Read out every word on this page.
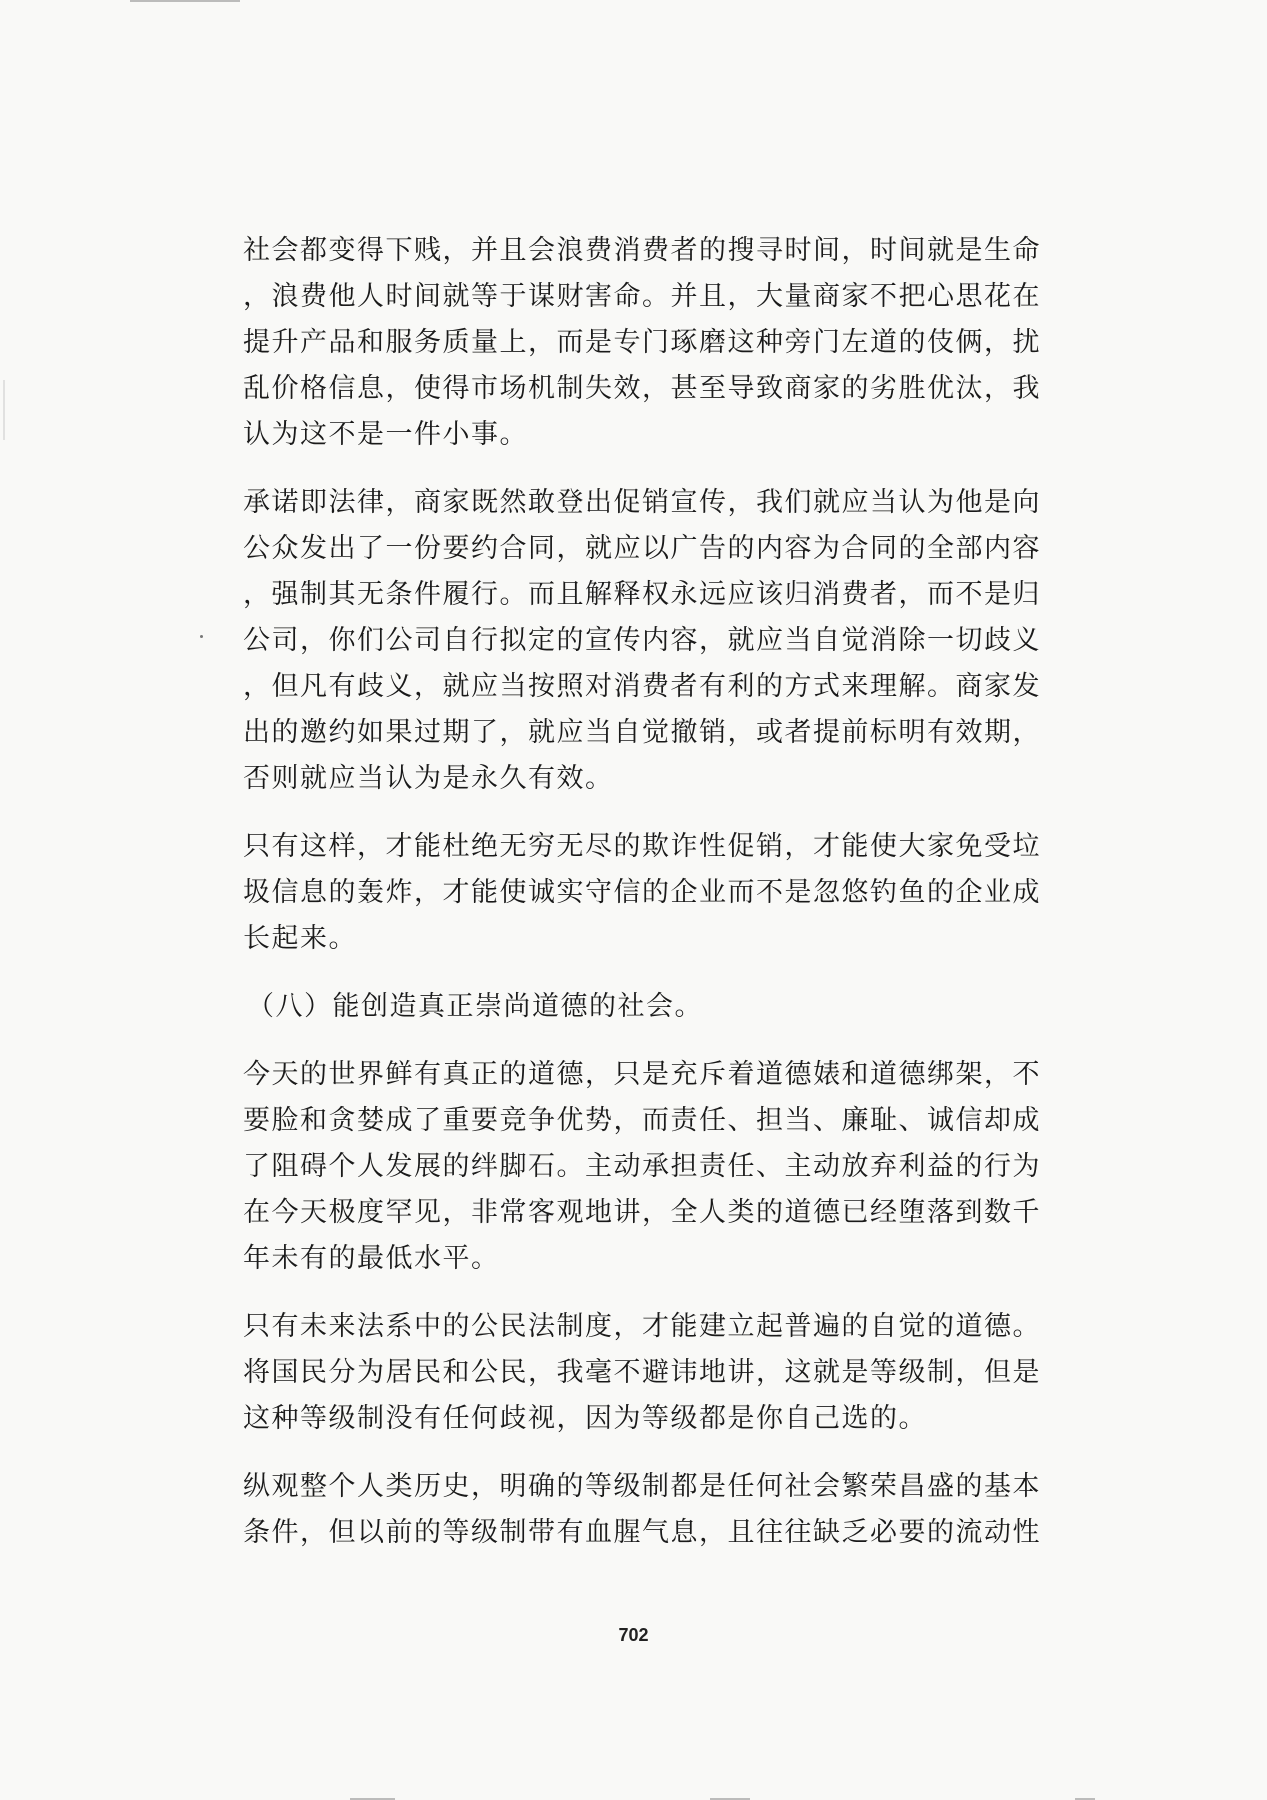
社会都变得下贱，并且会浪费消费者的搜寻时间，时间就是生命
，浪费他人时间就等于谋财害命。并且，大量商家不把心思花在
提升产品和服务质量上，而是专门琢磨这种旁门左道的伎俩，扰
乱价格信息，使得市场机制失效，甚至导致商家的劣胜优汰，我
认为这不是一件小事。
承诺即法律，商家既然敢登出促销宣传，我们就应当认为他是向
公众发出了一份要约合同，就应以广告的内容为合同的全部内容
，强制其无条件履行。而且解释权永远应该归消费者，而不是归
公司，你们公司自行拟定的宣传内容，就应当自觉消除一切歧义
，但凡有歧义，就应当按照对消费者有利的方式来理解。商家发
出的邀约如果过期了，就应当自觉撤销，或者提前标明有效期，
否则就应当认为是永久有效。
只有这样，才能杜绝无穷无尽的欺诈性促销，才能使大家免受垃
圾信息的轰炸，才能使诚实守信的企业而不是忽悠钓鱼的企业成
长起来。
（八）能创造真正崇尚道德的社会。
今天的世界鲜有真正的道德，只是充斥着道德婊和道德绑架，不
要脸和贪婪成了重要竞争优势，而责任、担当、廉耻、诚信却成
了阻碍个人发展的绊脚石。主动承担责任、主动放弃利益的行为
在今天极度罕见，非常客观地讲，全人类的道德已经堕落到数千
年未有的最低水平。
只有未来法系中的公民法制度，才能建立起普遍的自觉的道德。
将国民分为居民和公民，我毫不避讳地讲，这就是等级制，但是
这种等级制没有任何歧视，因为等级都是你自己选的。
纵观整个人类历史，明确的等级制都是任何社会繁荣昌盛的基本
条件，但以前的等级制带有血腥气息，且往往缺乏必要的流动性
702
